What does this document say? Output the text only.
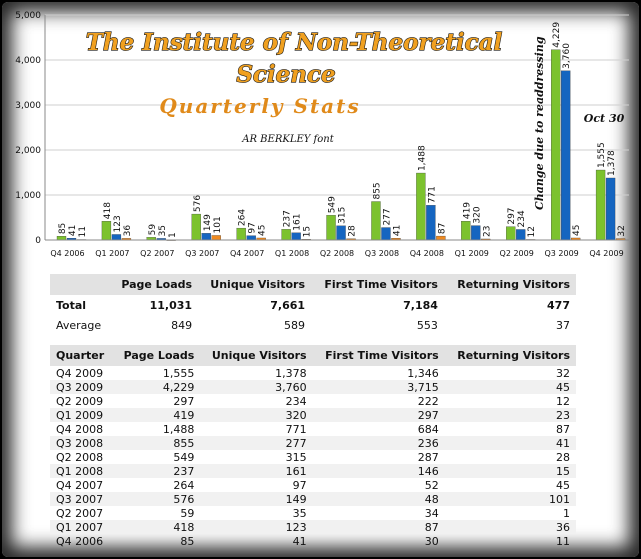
0
1,000
2,000
3,000
4,000
5,000
85 41 11
418
123 36 59 35 1
576
149 101 264
97 45
237 161
15
549
315
28
855
277
41
1,488
771
87
419 320
23
297 234
12
4,229
3,760
45
1,555 1,378
32
Q4 2006 Q1 2007 Q2 2007 Q3 2007 Q4 2007 Q1 2008 Q2 2008 Q3 2008 Q4 2008 Q1 2009 Q2 2009 Q3 2009 Q4 2009
The Institute of Non-Theoretical
Science
Quarterly Stats
AR BERKLEY font	Change due to readdressing	Oct 30
	Page Loads	Unique Visitors	First Time Visitors	Returning Visitors
Total	11,031	7,661	7,184	477
Average	849	589	553	37
Quarter	Page Loads	Unique Visitors	First Time Visitors	Returning Visitors
Q4 2009	1,555	1,378	1,346	32
Q3 2009	4,229	3,760	3,715	45
Q2 2009	297	234	222	12
Q1 2009	419	320	297	23
Q4 2008	1,488	771	684	87
Q3 2008	855	277	236	41
Q2 2008	549	315	287	28
Q1 2008	237	161	146	15
Q4 2007	264	97	52	45
Q3 2007	576	149	48	101
Q2 2007	59	35	34	1
Q1 2007	418	123	87	36
Q4 2006	85	41	30	11
